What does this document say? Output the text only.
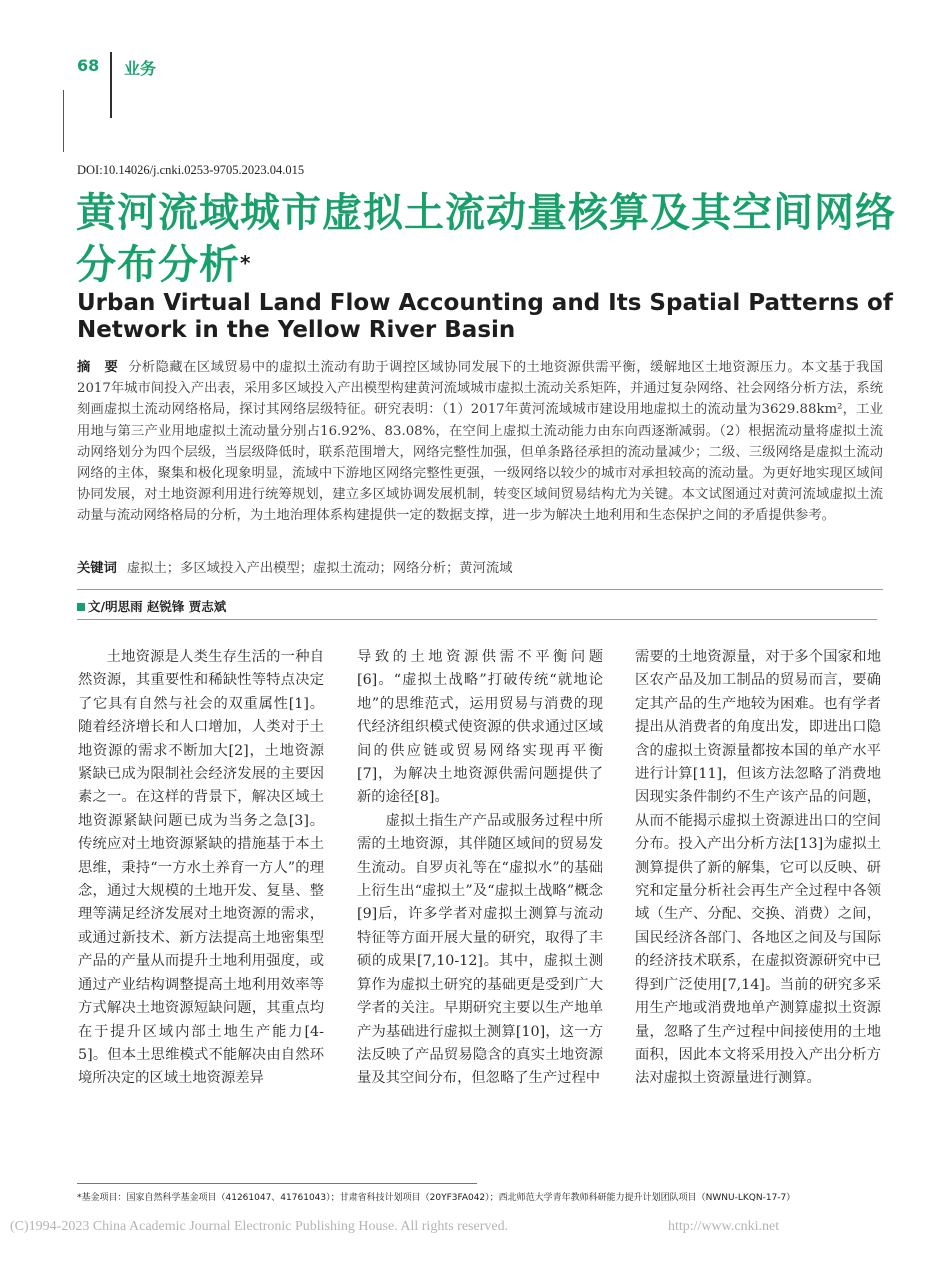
68 业务
DOI:10.14026/j.cnki.0253-9705.2023.04.015
黄河流域城市虚拟土流动量核算及其空间网络分布分析*
Urban Virtual Land Flow Accounting and Its Spatial Patterns of Network in the Yellow River Basin

摘　要 分析隐藏在区域贸易中的虚拟土流动有助于调控区域协同发展下的土地资源供需平衡，缓解地区土地资源压力。本文基于我国2017年城市间投入产出表，采用多区域投入产出模型构建黄河流域城市虚拟土流动关系矩阵，并通过复杂网络、社会网络分析方法，系统刻画虚拟土流动网络格局，探讨其网络层级特征。研究表明：（1）2017年黄河流域城市建设用地虚拟土的流动量为3629.88km²，工业用地与第三产业用地虚拟土流动量分别占16.92%、83.08%，在空间上虚拟土流动能力由东向西逐渐减弱。（2）根据流动量将虚拟土流动网络划分为四个层级，当层级降低时，联系范围增大，网络完整性加强，但单条路径承担的流动量减少；二级、三级网络是虚拟土流动网络的主体，聚集和极化现象明显，流域中下游地区网络完整性更强，一级网络以较少的城市对承担较高的流动量。为更好地实现区域间协同发展，对土地资源利用进行统筹规划，建立多区域协调发展机制，转变区域间贸易结构尤为关键。本文试图通过对黄河流域虚拟土流动量与流动网络格局的分析，为土地治理体系构建提供一定的数据支撑，进一步为解决土地利用和生态保护之间的矛盾提供参考。

关键词 虚拟土；多区域投入产出模型；虚拟土流动；网络分析；黄河流域

文/明思雨 赵锐锋 贾志斌

土地资源是人类生存生活的一种自然资源，其重要性和稀缺性等特点决定了它具有自然与社会的双重属性[1]。随着经济增长和人口增加，人类对于土地资源的需求不断加大[2]，土地资源紧缺已成为限制社会经济发展的主要因素之一。在这样的背景下，解决区域土地资源紧缺问题已成为当务之急[3]。传统应对土地资源紧缺的措施基于本土思维，秉持“一方水土养育一方人”的理念，通过大规模的土地开发、复垦、整理等满足经济发展对土地资源的需求，或通过新技术、新方法提高土地密集型产品的产量从而提升土地利用强度，或通过产业结构调整提高土地利用效率等方式解决土地资源短缺问题，其重点均在于提升区域内部土地生产能力[4-5]。但本土思维模式不能解决由自然环境所决定的区域土地资源差异

导致的土地资源供需不平衡问题[6]。“虚拟土战略”打破传统“就地论地”的思维范式，运用贸易与消费的现代经济组织模式使资源的供求通过区域间的供应链或贸易网络实现再平衡[7]，为解决土地资源供需问题提供了新的途径[8]。

虚拟土指生产产品或服务过程中所需的土地资源，其伴随区域间的贸易发生流动。自罗贞礼等在“虚拟水”的基础上衍生出“虚拟土”及“虚拟土战略”概念[9]后，许多学者对虚拟土测算与流动特征等方面开展大量的研究，取得了丰硕的成果[7,10-12]。其中，虚拟土测算作为虚拟土研究的基础更是受到广大学者的关注。早期研究主要以生产地单产为基础进行虚拟土测算[10]，这一方法反映了产品贸易隐含的真实土地资源量及其空间分布，但忽略了生产过程中

需要的土地资源量，对于多个国家和地区农产品及加工制品的贸易而言，要确定其产品的生产地较为困难。也有学者提出从消费者的角度出发，即进出口隐含的虚拟土资源量都按本国的单产水平进行计算[11]，但该方法忽略了消费地因现实条件制约不生产该产品的问题，从而不能揭示虚拟土资源进出口的空间分布。投入产出分析方法[13]为虚拟土测算提供了新的解集，它可以反映、研究和定量分析社会再生产全过程中各领域（生产、分配、交换、消费）之间，国民经济各部门、各地区之间及与国际的经济技术联系，在虚拟资源研究中已得到广泛使用[7,14]。当前的研究多采用生产地或消费地单产测算虚拟土资源量，忽略了生产过程中间接使用的土地面积，因此本文将采用投入产出分析方法对虚拟土资源量进行测算。

*基金项目：国家自然科学基金项目（41261047、41761043）；甘肃省科技计划项目（20YF3FA042）；西北师范大学青年教师科研能力提升计划团队项目（NWNU-LKQN-17-7）

(C)1994-2023 China Academic Journal Electronic Publishing House. All rights reserved.	http://www.cnki.net
